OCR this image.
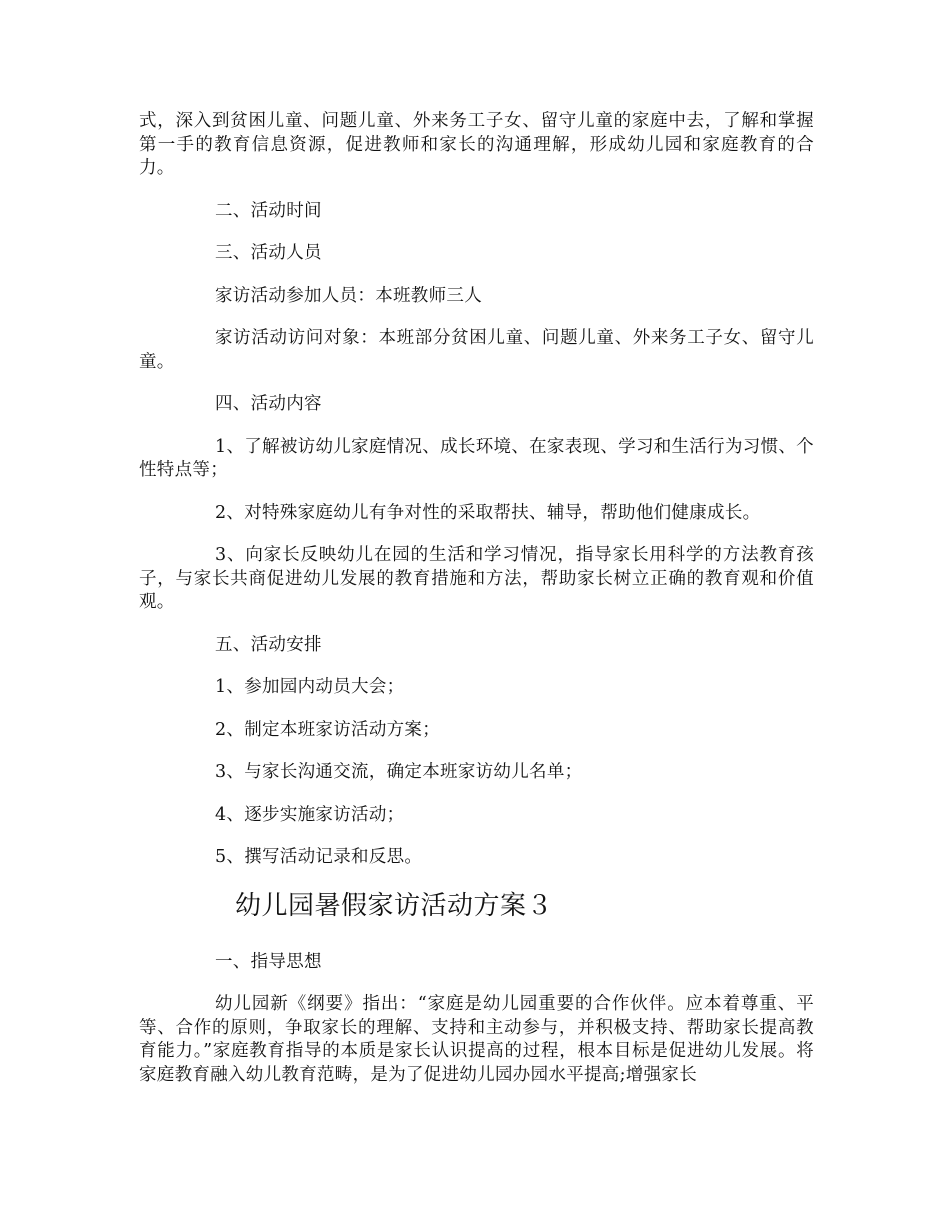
式，深入到贫困儿童、问题儿童、外来务工子女、留守儿童的家庭中去，了解和掌握第一手的教育信息资源，促进教师和家长的沟通理解，形成幼儿园和家庭教育的合力。

二、活动时间

三、活动人员

家访活动参加人员：本班教师三人

家访活动访问对象：本班部分贫困儿童、问题儿童、外来务工子女、留守儿童。

四、活动内容

1、了解被访幼儿家庭情况、成长环境、在家表现、学习和生活行为习惯、个性特点等；

2、对特殊家庭幼儿有争对性的采取帮扶、辅导，帮助他们健康成长。

3、向家长反映幼儿在园的生活和学习情况，指导家长用科学的方法教育孩子，与家长共商促进幼儿发展的教育措施和方法，帮助家长树立正确的教育观和价值观。

五、活动安排

1、参加园内动员大会；

2、制定本班家访活动方案；

3、与家长沟通交流，确定本班家访幼儿名单；

4、逐步实施家访活动；

5、撰写活动记录和反思。

幼儿园暑假家访活动方案３

一、指导思想

幼儿园新《纲要》指出：“家庭是幼儿园重要的合作伙伴。应本着尊重、平等、合作的原则，争取家长的理解、支持和主动参与，并积极支持、帮助家长提高教育能力。”家庭教育指导的本质是家长认识提高的过程，根本目标是促进幼儿发展。将家庭教育融入幼儿教育范畴，是为了促进幼儿园办园水平提高;增强家长
